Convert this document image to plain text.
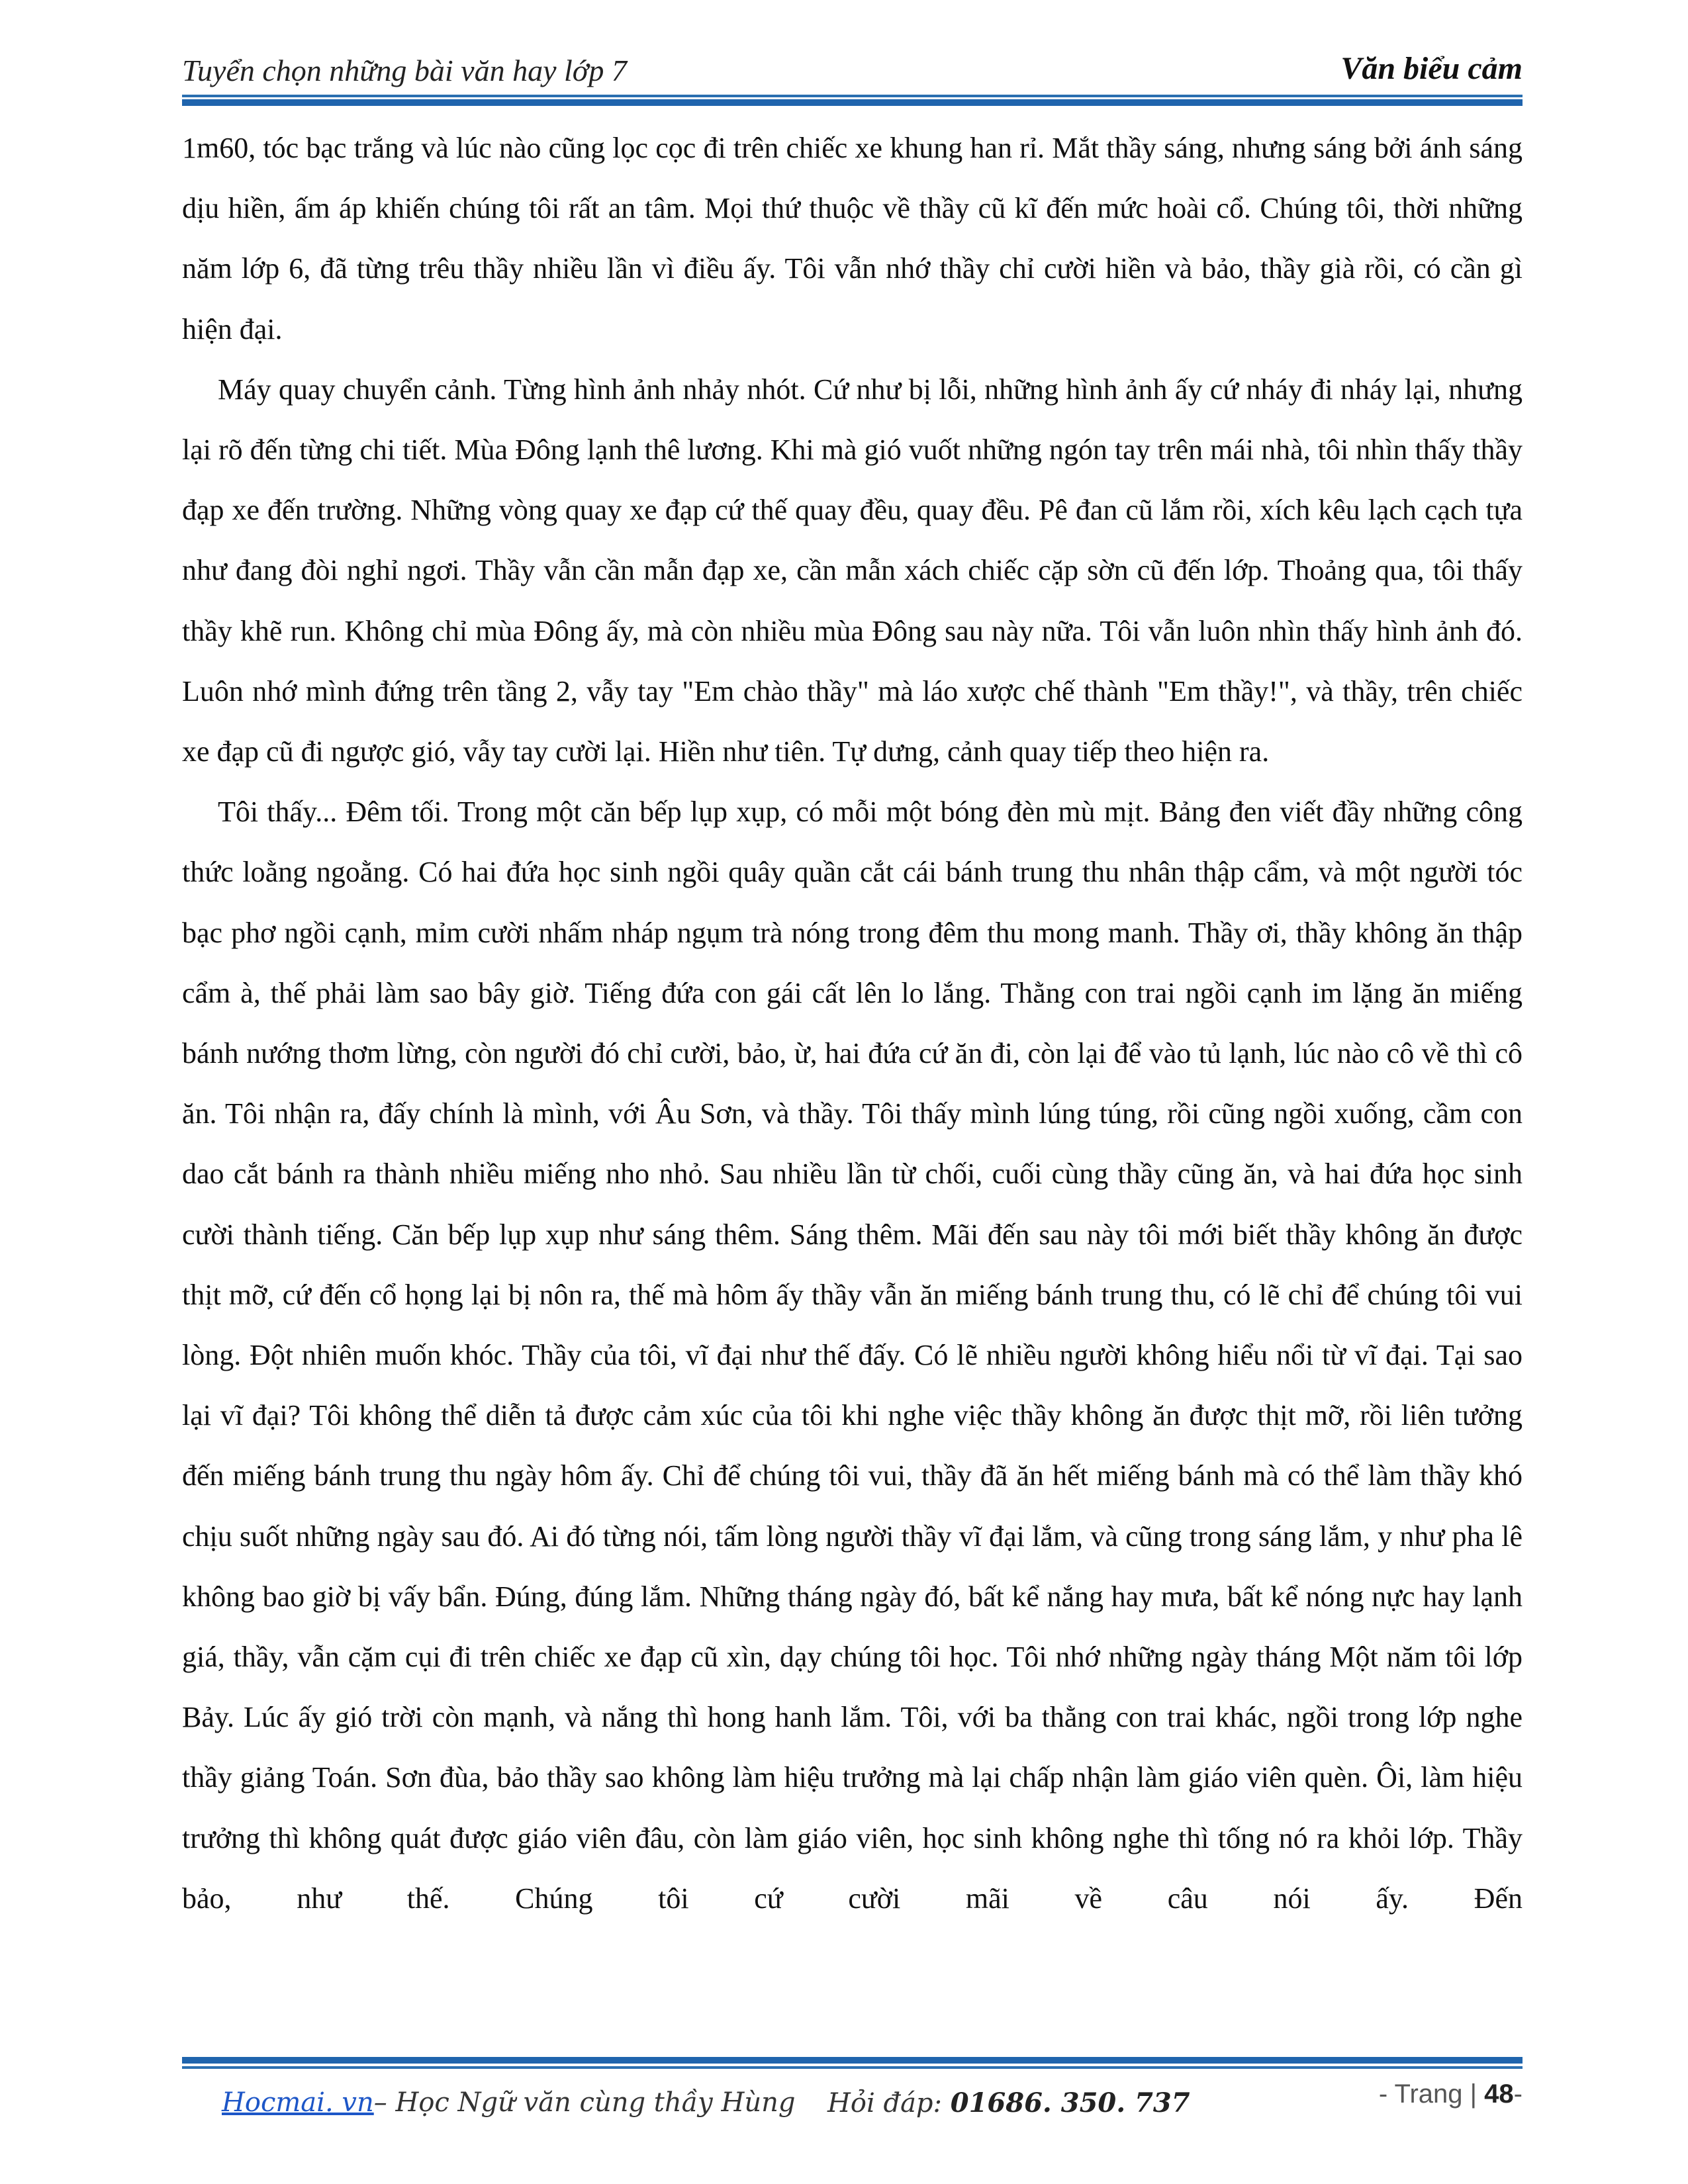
Tuyển chọn những bài văn hay lớp 7	Văn biểu cảm

1m60, tóc bạc trắng và lúc nào cũng lọc cọc đi trên chiếc xe khung han rỉ. Mắt thầy sáng, nhưng sáng bởi ánh sáng dịu hiền, ấm áp khiến chúng tôi rất an tâm. Mọi thứ thuộc về thầy cũ kĩ đến mức hoài cổ. Chúng tôi, thời những năm lớp 6, đã từng trêu thầy nhiều lần vì điều ấy. Tôi vẫn nhớ thầy chỉ cười hiền và bảo, thầy già rồi, có cần gì hiện đại.

Máy quay chuyển cảnh. Từng hình ảnh nhảy nhót. Cứ như bị lỗi, những hình ảnh ấy cứ nháy đi nháy lại, nhưng lại rõ đến từng chi tiết. Mùa Đông lạnh thê lương. Khi mà gió vuốt những ngón tay trên mái nhà, tôi nhìn thấy thầy đạp xe đến trường. Những vòng quay xe đạp cứ thế quay đều, quay đều. Pê đan cũ lắm rồi, xích kêu lạch cạch tựa như đang đòi nghỉ ngơi. Thầy vẫn cần mẫn đạp xe, cần mẫn xách chiếc cặp sờn cũ đến lớp. Thoảng qua, tôi thấy thầy khẽ run. Không chỉ mùa Đông ấy, mà còn nhiều mùa Đông sau này nữa. Tôi vẫn luôn nhìn thấy hình ảnh đó. Luôn nhớ mình đứng trên tầng 2, vẫy tay "Em chào thầy" mà láo xược chế thành "Em thầy!", và thầy, trên chiếc xe đạp cũ đi ngược gió, vẫy tay cười lại. Hiền như tiên. Tự dưng, cảnh quay tiếp theo hiện ra.

Tôi thấy... Đêm tối. Trong một căn bếp lụp xụp, có mỗi một bóng đèn mù mịt. Bảng đen viết đầy những công thức loằng ngoằng. Có hai đứa học sinh ngồi quây quần cắt cái bánh trung thu nhân thập cẩm, và một người tóc bạc phơ ngồi cạnh, mỉm cười nhấm nháp ngụm trà nóng trong đêm thu mong manh. Thầy ơi, thầy không ăn thập cẩm à, thế phải làm sao bây giờ. Tiếng đứa con gái cất lên lo lắng. Thằng con trai ngồi cạnh im lặng ăn miếng bánh nướng thơm lừng, còn người đó chỉ cười, bảo, ừ, hai đứa cứ ăn đi, còn lại để vào tủ lạnh, lúc nào cô về thì cô ăn. Tôi nhận ra, đấy chính là mình, với Âu Sơn, và thầy. Tôi thấy mình lúng túng, rồi cũng ngồi xuống, cầm con dao cắt bánh ra thành nhiều miếng nho nhỏ. Sau nhiều lần từ chối, cuối cùng thầy cũng ăn, và hai đứa học sinh cười thành tiếng. Căn bếp lụp xụp như sáng thêm. Sáng thêm. Mãi đến sau này tôi mới biết thầy không ăn được thịt mỡ, cứ đến cổ họng lại bị nôn ra, thế mà hôm ấy thầy vẫn ăn miếng bánh trung thu, có lẽ chỉ để chúng tôi vui lòng. Đột nhiên muốn khóc. Thầy của tôi, vĩ đại như thế đấy. Có lẽ nhiều người không hiểu nổi từ vĩ đại. Tại sao lại vĩ đại? Tôi không thể diễn tả được cảm xúc của tôi khi nghe việc thầy không ăn được thịt mỡ, rồi liên tưởng đến miếng bánh trung thu ngày hôm ấy. Chỉ để chúng tôi vui, thầy đã ăn hết miếng bánh mà có thể làm thầy khó chịu suốt những ngày sau đó. Ai đó từng nói, tấm lòng người thầy vĩ đại lắm, và cũng trong sáng lắm, y như pha lê không bao giờ bị vấy bẩn. Đúng, đúng lắm. Những tháng ngày đó, bất kể nắng hay mưa, bất kể nóng nực hay lạnh giá, thầy, vẫn cặm cụi đi trên chiếc xe đạp cũ xìn, dạy chúng tôi học. Tôi nhớ những ngày tháng Một năm tôi lớp Bảy. Lúc ấy gió trời còn mạnh, và nắng thì hong hanh lắm. Tôi, với ba thằng con trai khác, ngồi trong lớp nghe thầy giảng Toán. Sơn đùa, bảo thầy sao không làm hiệu trưởng mà lại chấp nhận làm giáo viên quèn. Ôi, làm hiệu trưởng thì không quát được giáo viên đâu, còn làm giáo viên, học sinh không nghe thì tống nó ra khỏi lớp. Thầy bảo, như thế. Chúng tôi cứ cười mãi về câu nói ấy. Đến

Hocmai. vn– Học Ngữ văn cùng thầy Hùng Hỏi đáp: 01686. 350. 737	- Trang | 48-
